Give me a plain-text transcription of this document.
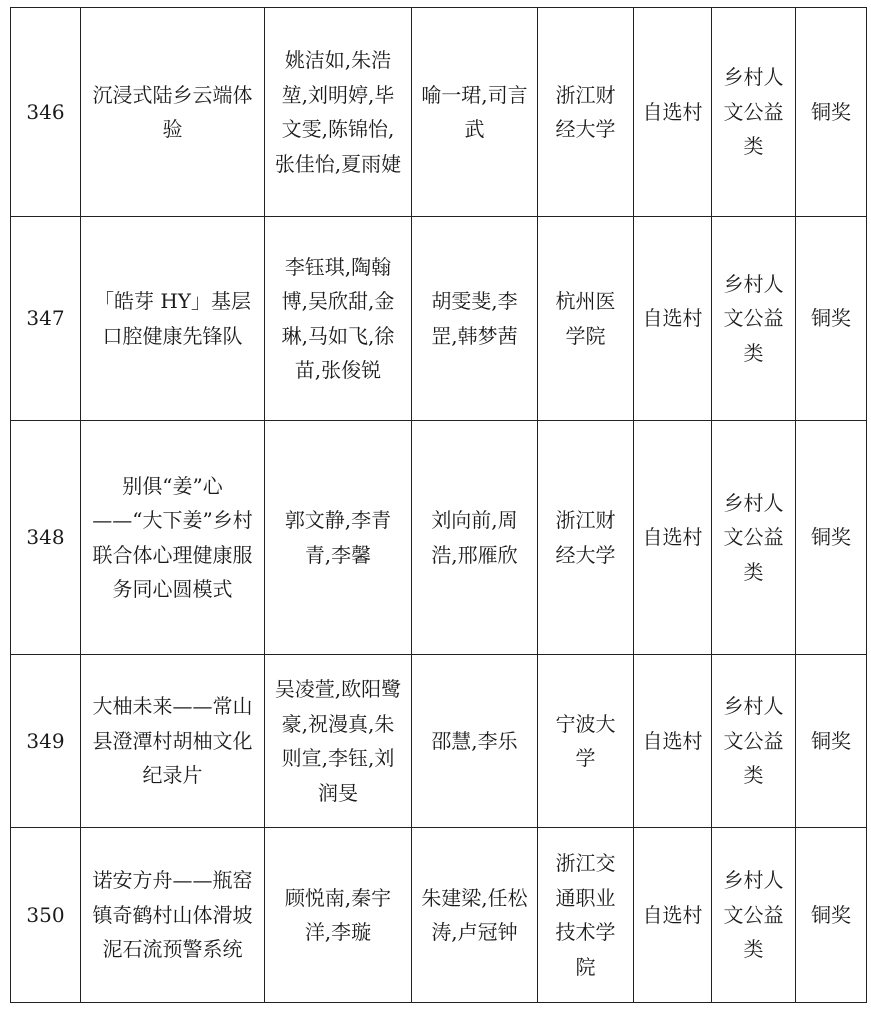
346	沉浸式陆乡云端体验	姚洁如,朱浩堃,刘明婷,毕文雯,陈锦怡,张佳怡,夏雨婕	喻一珺,司言武	浙江财经大学	自选村	乡村人文公益类	铜奖
347	「皓芽 HY」基层口腔健康先锋队	李钰琪,陶翰博,吴欣甜,金琳,马如飞,徐苗,张俊锐	胡雯斐,李罡,韩梦茜	杭州医学院	自选村	乡村人文公益类	铜奖
348	别俱“姜”心——“大下姜”乡村联合体心理健康服务同心圆模式	郭文静,李青青,李馨	刘向前,周浩,邢雁欣	浙江财经大学	自选村	乡村人文公益类	铜奖
349	大柚未来——常山县澄潭村胡柚文化纪录片	吴凌萱,欧阳鹭豪,祝漫真,朱则宣,李钰,刘润旻	邵慧,李乐	宁波大学	自选村	乡村人文公益类	铜奖
350	诺安方舟——瓶窑镇奇鹤村山体滑坡泥石流预警系统	顾悦南,秦宇洋,李璇	朱建梁,任松涛,卢冠钟	浙江交通职业技术学院	自选村	乡村人文公益类	铜奖
